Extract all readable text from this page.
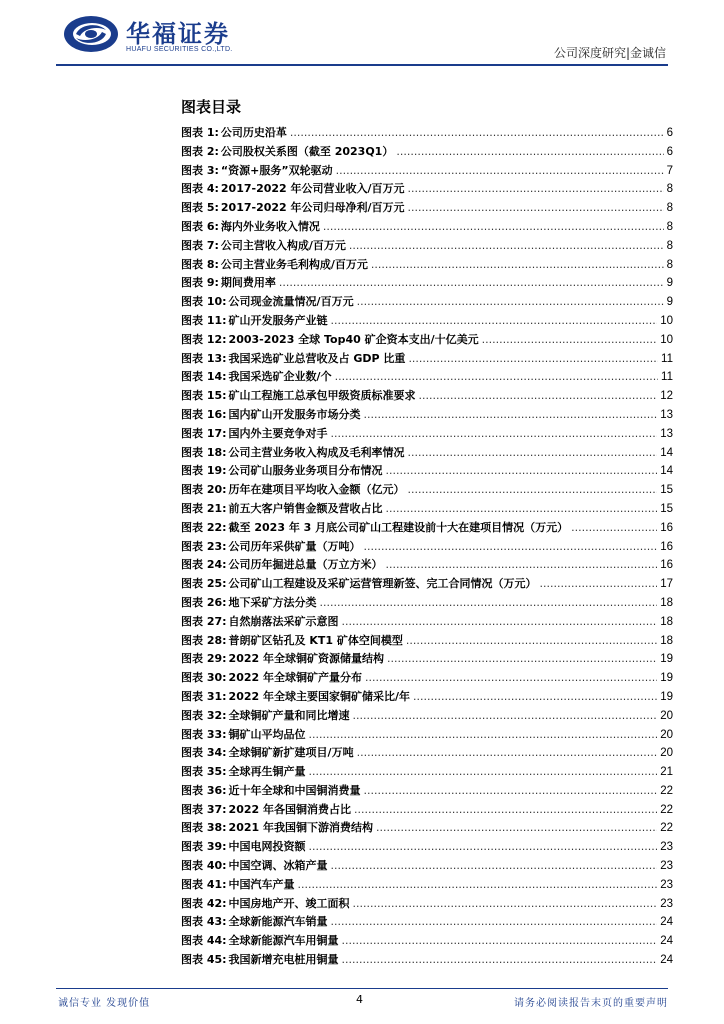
华福证券
HUAFU SECURITIES CO.,LTD.	公司深度研究|金诚信
图表目录
图表 1: 公司历史沿革 .....	6
图表 2: 公司股权关系图（截至 2023Q1） .....	6
图表 3: “资源+服务”双轮驱动 .....	7
图表 4: 2017-2022 年公司营业收入/百万元 .....	8
图表 5: 2017-2022 年公司归母净利/百万元 .....	8
图表 6: 海内外业务收入情况 .....	8
图表 7: 公司主营收入构成/百万元 .....	8
图表 8: 公司主营业务毛利构成/百万元 .....	8
图表 9: 期间费用率 .....	9
图表 10: 公司现金流量情况/百万元 .....	9
图表 11: 矿山开发服务产业链 .....	10
图表 12: 2003-2023 全球 Top40 矿企资本支出/十亿美元 .....	10
图表 13: 我国采选矿业总营收及占 GDP 比重 .....	11
图表 14: 我国采选矿企业数/个 .....	11
图表 15: 矿山工程施工总承包甲级资质标准要求 .....	12
图表 16: 国内矿山开发服务市场分类 .....	13
图表 17: 国内外主要竞争对手 .....	13
图表 18: 公司主营业务收入构成及毛利率情况 .....	14
图表 19: 公司矿山服务业务项目分布情况 .....	14
图表 20: 历年在建项目平均收入金额（亿元） .....	15
图表 21: 前五大客户销售金额及营收占比 .....	15
图表 22: 截至 2023 年 3 月底公司矿山工程建设前十大在建项目情况（万元） .....	16
图表 23: 公司历年采供矿量（万吨） .....	16
图表 24: 公司历年掘进总量（万立方米） .....	16
图表 25: 公司矿山工程建设及采矿运营管理新签、完工合同情况（万元） .....	17
图表 26: 地下采矿方法分类 .....	18
图表 27: 自然崩落法采矿示意图 .....	18
图表 28: 普朗矿区钻孔及 KT1 矿体空间模型 .....	18
图表 29: 2022 年全球铜矿资源储量结构 .....	19
图表 30: 2022 年全球铜矿产量分布 .....	19
图表 31: 2022 年全球主要国家铜矿储采比/年 .....	19
图表 32: 全球铜矿产量和同比增速 .....	20
图表 33: 铜矿山平均品位 .....	20
图表 34: 全球铜矿新扩建项目/万吨 .....	20
图表 35: 全球再生铜产量 .....	21
图表 36: 近十年全球和中国铜消费量 .....	22
图表 37: 2022 年各国铜消费占比 .....	22
图表 38: 2021 年我国铜下游消费结构 .....	22
图表 39: 中国电网投资额 .....	23
图表 40: 中国空调、冰箱产量 .....	23
图表 41: 中国汽车产量 .....	23
图表 42: 中国房地产开、竣工面积 .....	23
图表 43: 全球新能源汽车销量 .....	24
图表 44: 全球新能源汽车用铜量 .....	24
图表 45: 我国新增充电桩用铜量 .....	24
诚信专业 发现价值	4	请务必阅读报告末页的重要声明
